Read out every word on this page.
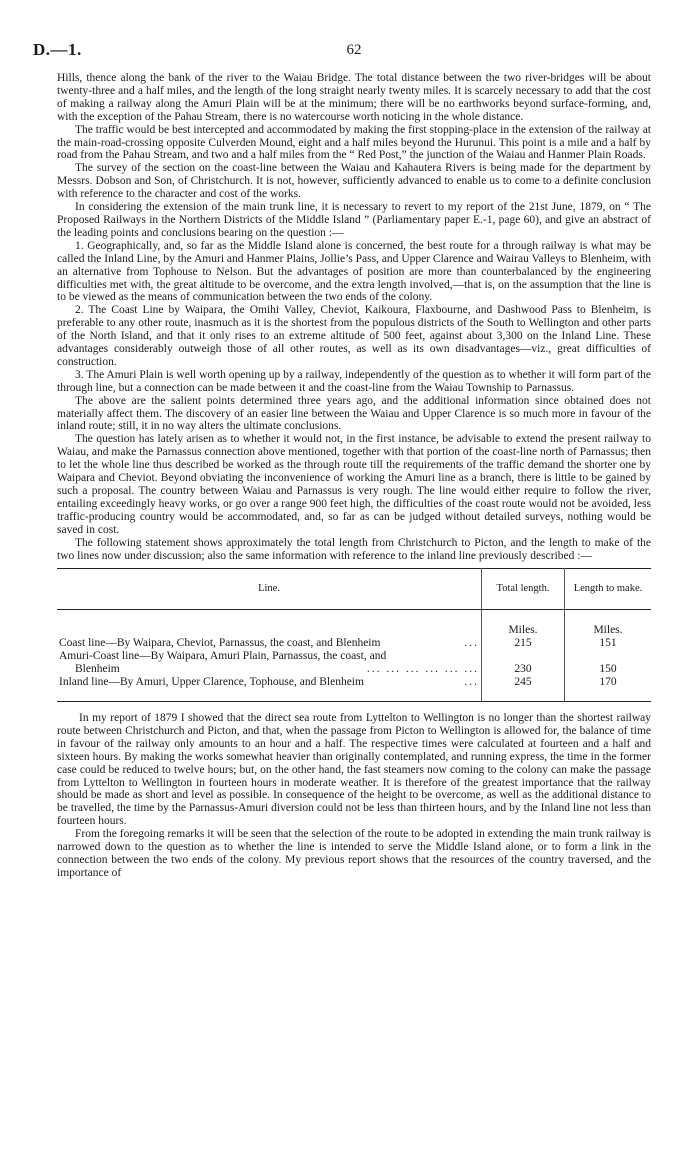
D.—1.	62

Hills, thence along the bank of the river to the Waiau Bridge. The total distance between the two river-bridges will be about twenty-three and a half miles, and the length of the long straight nearly twenty miles. It is scarcely necessary to add that the cost of making a railway along the Amuri Plain will be at the minimum; there will be no earthworks beyond surface-forming, and, with the exception of the Pahau Stream, there is no watercourse worth noticing in the whole distance.

The traffic would be best intercepted and accommodated by making the first stopping-place in the extension of the railway at the main-road-crossing opposite Culverden Mound, eight and a half miles beyond the Hurunui. This point is a mile and a half by road from the Pahau Stream, and two and a half miles from the “ Red Post,” the junction of the Waiau and Hanmer Plain Roads.

The survey of the section on the coast-line between the Waiau and Kahautera Rivers is being made for the department by Messrs. Dobson and Son, of Christchurch. It is not, however, sufficiently advanced to enable us to come to a definite conclusion with reference to the character and cost of the works.

In considering the extension of the main trunk line, it is necessary to revert to my report of the 21st June, 1879, on “ The Proposed Railways in the Northern Districts of the Middle Island ” (Parliamentary paper E.-1, page 60), and give an abstract of the leading points and conclusions bearing on the question :—

1. Geographically, and, so far as the Middle Island alone is concerned, the best route for a through railway is what may be called the Inland Line, by the Amuri and Hanmer Plains, Jollie’s Pass, and Upper Clarence and Wairau Valleys to Blenheim, with an alternative from Tophouse to Nelson. But the advantages of position are more than counterbalanced by the engineering difficulties met with, the great altitude to be overcome, and the extra length involved,—that is, on the assumption that the line is to be viewed as the means of communication between the two ends of the colony.

2. The Coast Line by Waipara, the Omihi Valley, Cheviot, Kaikoura, Flaxbourne, and Dashwood Pass to Blenheim, is preferable to any other route, inasmuch as it is the shortest from the populous districts of the South to Wellington and other parts of the North Island, and that it only rises to an extreme altitude of 500 feet, against about 3,300 on the Inland Line. These advantages considerably outweigh those of all other routes, as well as its own disadvantages—viz., great difficulties of construction.

3. The Amuri Plain is well worth opening up by a railway, independently of the question as to whether it will form part of the through line, but a connection can be made between it and the coast-line from the Waiau Township to Parnassus.

The above are the salient points determined three years ago, and the additional information since obtained does not materially affect them. The discovery of an easier line between the Waiau and Upper Clarence is so much more in favour of the inland route; still, it in no way alters the ultimate conclusions.

The question has lately arisen as to whether it would not, in the first instance, be advisable to extend the present railway to Waiau, and make the Parnassus connection above mentioned, together with that portion of the coast-line north of Parnassus; then to let the whole line thus described be worked as the through route till the requirements of the traffic demand the shorter one by Waipara and Cheviot. Beyond obviating the inconvenience of working the Amuri line as a branch, there is little to be gained by such a proposal. The country between Waiau and Parnassus is very rough. The line would either require to follow the river, entailing exceedingly heavy works, or go over a range 900 feet high, the difficulties of the coast route would not be avoided, less traffic-producing country would be accommodated, and, so far as can be judged without detailed surveys, nothing would be saved in cost.

The following statement shows approximately the total length from Christchurch to Picton, and the length to make of the two lines now under discussion; also the same information with reference to the inland line previously described :—

Line.	Total length.	Length to make.
	Miles.	Miles.

...
Coast line—By Waipara, Cheviot, Parnassus, the coast, and Blenheim	215	151

Amuri-Coast line—By Waipara, Amuri Plain, Parnassus, the coast, and
... ... ... ... ... ...
Blenheim	230	150

...
Inland line—By Amuri, Upper Clarence, Tophouse, and Blenheim	245	170

In my report of 1879 I showed that the direct sea route from Lyttelton to Wellington is no longer than the shortest railway route between Christchurch and Picton, and that, when the passage from Picton to Wellington is allowed for, the balance of time in favour of the railway only amounts to an hour and a half. The respective times were calculated at fourteen and a half and sixteen hours. By making the works somewhat heavier than originally contemplated, and running express, the time in the former case could be reduced to twelve hours; but, on the other hand, the fast steamers now coming to the colony can make the passage from Lyttelton to Wellington in fourteen hours in moderate weather. It is therefore of the greatest importance that the railway should be made as short and level as possible. In consequence of the height to be overcome, as well as the additional distance to be travelled, the time by the Parnassus-Amuri diversion could not be less than thirteen hours, and by the Inland line not less than fourteen hours.

From the foregoing remarks it will be seen that the selection of the route to be adopted in extending the main trunk railway is narrowed down to the question as to whether the line is intended to serve the Middle Island alone, or to form a link in the connection between the two ends of the colony. My previous report shows that the resources of the country traversed, and the importance of
